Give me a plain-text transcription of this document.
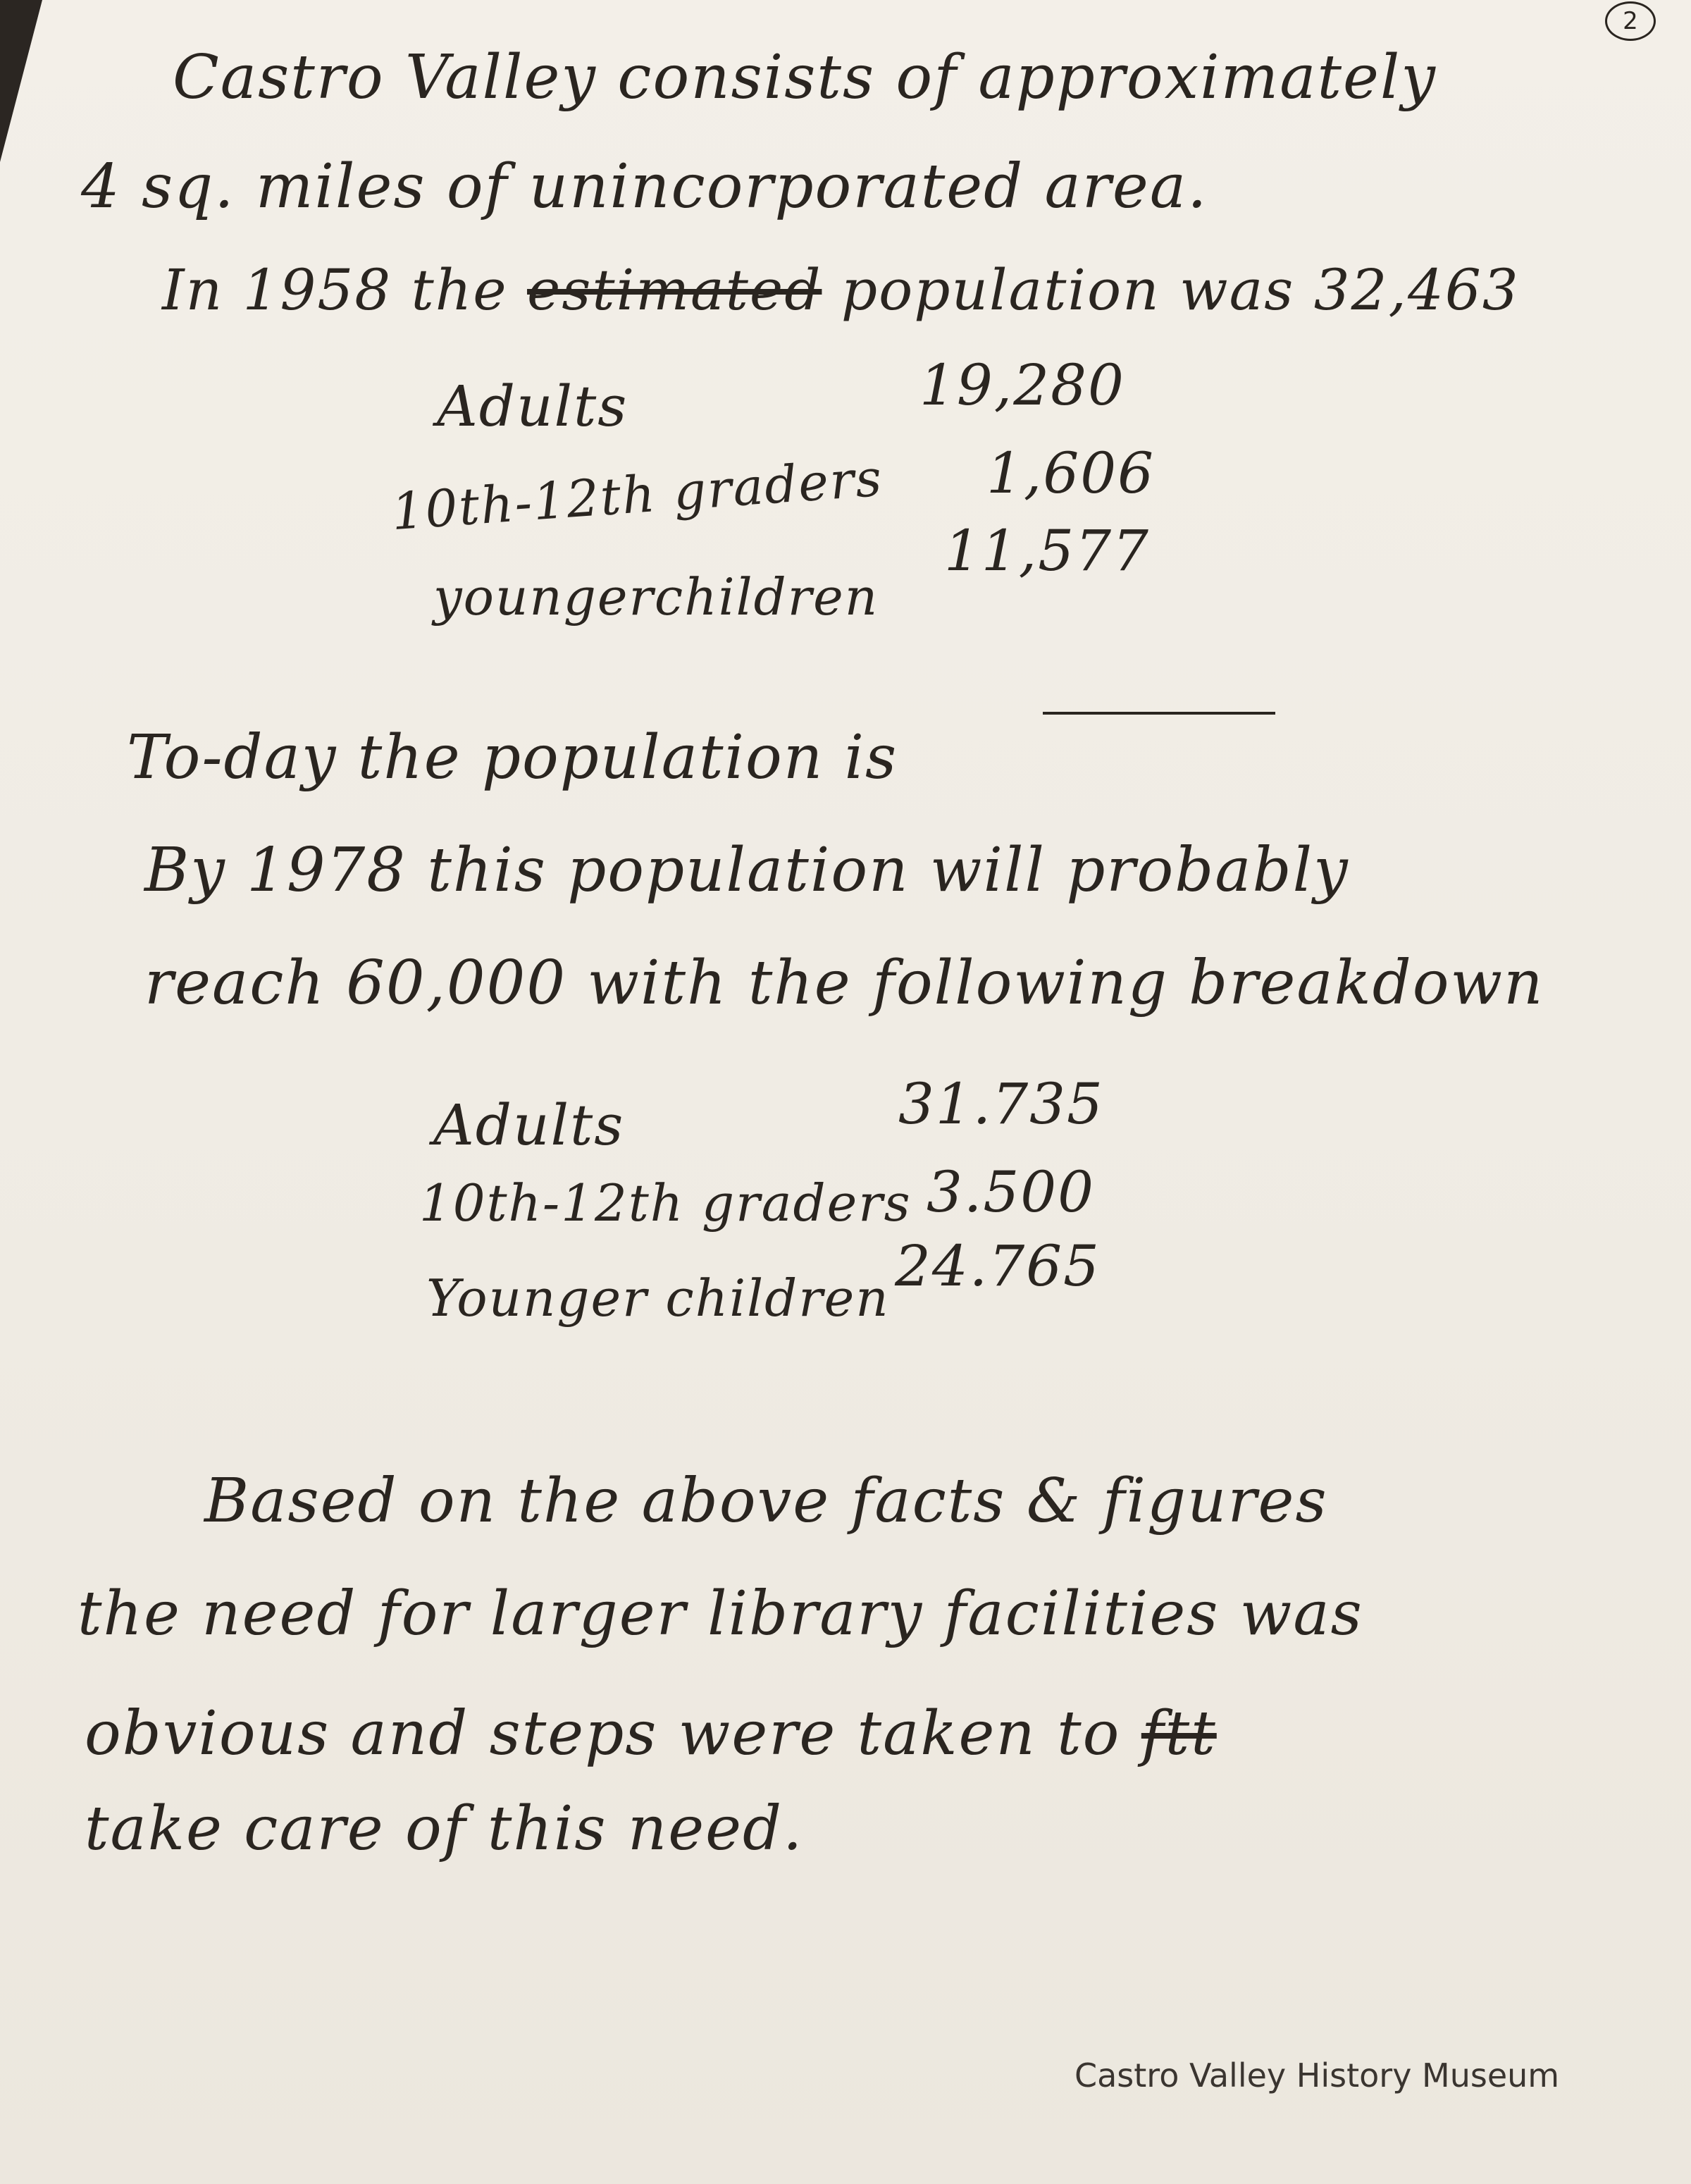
2
Castro Valley consists of approximately
4 sq. miles of unincorporated area.
In 1958 the estimated population was 32,463
Adults	19,280
10th-12th graders 1,606
youngerchildren
11,577
To-day the population is
By 1978 this population will probably
reach 60,000 with the following breakdown
Adults	31.735
10th-12th graders 3.500
Younger children 24.765
Based on the above facts & figures
the need for larger library facilities was
obvious and steps were taken to ftt
take care of this need.
Castro Valley History Museum
